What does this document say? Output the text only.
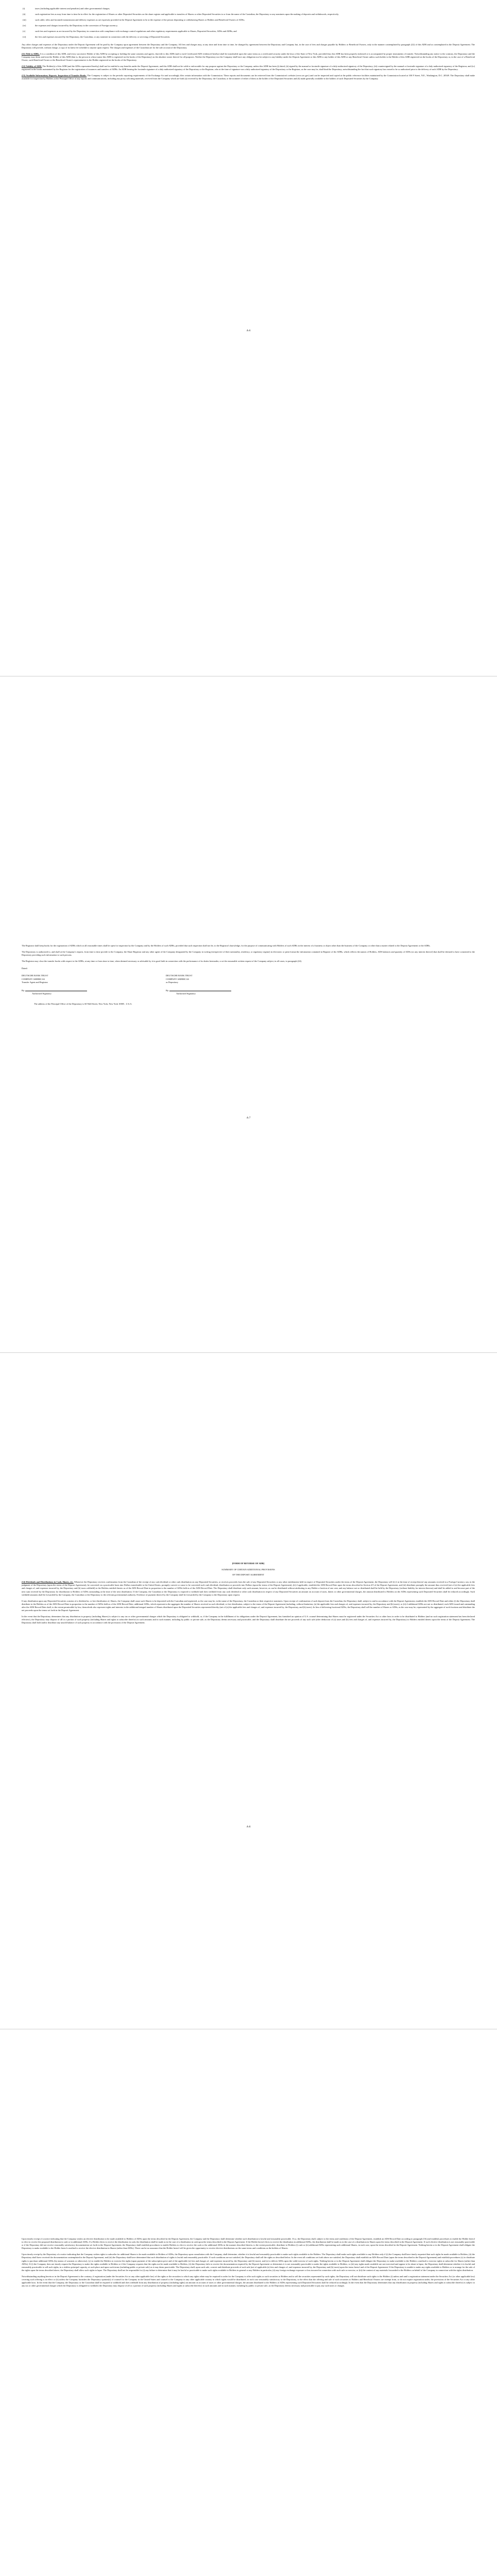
(i)	taxes (including applicable interest and penalties) and other governmental charges;
(ii)	such registration fees as may from time to time be in effect for the registration of Shares or other Deposited Securities on the share register and applicable to transfers of Shares or other Deposited Securities to or from the name of the Custodian, the Depositary or any nominees upon the making of deposits and withdrawals, respectively;
(iii)	such cable, telex and facsimile transmission and delivery expenses as are expressly provided in the Deposit Agreement to be at the expense of the person depositing or withdrawing Shares or Holders and Beneficial Owners of ADSs;
(iv)	the expenses and charges incurred by the Depositary in the conversion of Foreign currency;
(v)	such fees and expenses as are incurred by the Depositary in connection with compliance with exchange control regulations and other regulatory requirements applicable to Shares, Deposited Securities, ADSs and ADRs; and
(vi)	the fees and expenses incurred by the Depositary, the Custodian, or any nominee in connection with the delivery or servicing of Deposited Securities.

Any other charges and expenses of the Depositary under the Deposit Agreement will be paid by the Company upon agreement between the Depositary and the Company. All fees and charges may, at any time and from time to time, be changed by agreement between the Depositary and Company but, in the case of fees and charges payable by Holders or Beneficial Owners, only in the manner contemplated by paragraph (22) of this ADR and as contemplated in the Deposit Agreement. The Depositary will provide, without charge, a copy of its latest fee schedule to anyone upon request. The charges and expenses of the Custodian are for the sole account of the Depositary.

(11) Title to ADRs. It is a condition of this ADR, and every successive Holder of this ADR by accepting or holding the same consents and agrees, that title to this ADR (and to each Certificated ADS evidenced hereby) shall be transferable upon the same terms as a certificated security under the laws of the State of New York, provided that, this ADR has been properly endorsed or is accompanied by proper instruments of transfer. Notwithstanding any notice to the contrary, the Depositary and the Company may deem and treat the Holder of this ADR (that is, the person in whose name this ADR is registered on the books of the Depositary) as the absolute owner thereof for all purposes. Neither the Depositary nor the Company shall have any obligation nor be subject to any liability under the Deposit Agreement or this ADR to any holder of this ADR or any Beneficial Owner unless such holder is the Holder of this ADR registered on the books of the Depositary or, in the case of a Beneficial Owner, such Beneficial Owner or the Beneficial Owner's representative is the Holder registered on the books of the Depositary.

(12) Validity of ADR. The Holder(s) of this ADR (and the ADSs represented hereby) shall not be entitled to any benefits under the Deposit Agreement, and this ADR shall not be valid or enforceable for any purpose against the Depositary or the Company, unless this ADR has been (i) dated, (ii) signed by the manual or facsimile signature of a duly-authorized signatory of the Depositary, (iii) countersigned by the manual or facsimile signature of a duly-authorized signatory of the Registrar, and (iv) registered in the books maintained by the Registrar for the registration of issuances and transfers of ADRs. An ADR bearing the facsimile signature of a duly-authorized signatory of the Depositary or the Registrar, who at the time of signature was a duly authorized signatory of the Depositary or the Registrar, as the case may be, shall bind the Depositary, notwithstanding the fact that such signatory has ceased to be so authorized prior to the delivery of such ADR by the Depositary.

(13) Available Information; Reports; Inspection of Transfer Books. The Company is subject to the periodic reporting requirements of the Exchange Act and accordingly files certain information with the Commission. These reports and documents can be retrieved from the Commission's website (www.sec.gov) and can be inspected and copied at the public reference facilities maintained by the Commission located at 100 F Street, N.E., Washington, D.C. 20549. The Depositary shall make available for inspection by Holders at the Principal Office of any reports and communications, including any proxy soliciting materials, received from the Company which are both (a) received by the Depositary, the Custodian, or the nominee of either of them as the holder of the Deposited Securities and (b) made generally available to the holders of such Deposited Securities by the Company.

A-6

The Registrar shall keep books for the registration of ADRs which at all reasonable times shall be open for inspection by the Company and by the Holders of such ADRs, provided that such inspection shall not be, to the Registrar's knowledge, for the purpose of communicating with Holders of such ADRs in the interest of a business or object other than the business of the Company or other than a matter related to the Deposit Agreement or the ADRs.

The Depositary is authorized to, and shall at the Company's request, from time to time provide to the Company, the Share Registrar and any other agent of the Company designated by the Company in writing (irrespective of their nationality, residency, or regulatory regime) in electronic or print format the information contained in Register of the ADRs, which reflects the names of Holders, ADS balances and quantity of ADSs (or any interest thereof) that shall be deemed to have consented to the Depositary providing such information to such persons.

The Registrar may close the transfer books with respect to the ADRs, at any time or from time to time, when deemed necessary or advisable by it in good faith in connection with the performance of its duties hereunder, or at the reasonable written request of the Company subject, in all cases, to paragraph (24).

Dated:
DEUTSCHE BANK TRUST
COMPANY AMERICAS
Transfer Agent and Registrar
DEUTSCHE BANK TRUST
COMPANY AMERICAS
as Depositary
By:
Authorized Signatory
By:
Authorized Signatory

The address of the Principal Office of the Depositary is 60 Wall Street, New York, New York 10005 , U.S.A.

A-7
[FORM OF REVERSE OF ADR]
SUMMARY OF CERTAIN ADDITIONAL PROVISIONS
OF THE DEPOSIT AGREEMENT

(14) Dividends and Distributions in Cash, Shares, etc. Whenever the Depositary receives confirmation from the Custodian of the receipt of any cash dividend or other cash distribution on any Deposited Securities, or receives proceeds from the sale of any Deposited Securities or any other entitlements held in respect of Deposited Securities under the terms of the Deposit Agreement, the Depositary will (i) if at the time of receipt thereof any amounts received in a Foreign Currency can, in the judgment of the Depositary (upon the terms of the Deposit Agreement), be converted on a practicable basis into Dollars transferable to the United States, promptly convert or cause to be converted such cash dividend, distribution or proceeds into Dollars (upon the terms of the Deposit Agreement), (ii) if applicable, establish the ADS Record Date upon the terms described in Section 4.9 of the Deposit Agreement, and (iii) distribute promptly the amount thus received (net of (a) the applicable fees and charges of, and expenses incurred by, the Depositary and (b) taxes withheld) to the Holders entitled thereto as of the ADS Record Date in proportion to the number of ADSs held as of the ADS Record Date. The Depositary shall distribute only such amount, however, as can be distributed without attributing to any Holder a fraction of one cent, and any balance not so distributed shall be held by the Depositary (without liability for interest thereon) and shall be added to and become part of the next sum received by the Depositary for distribution to Holders of ADSs outstanding at the time of the next distribution. If the Company, the Custodian or the Depositary is required to withhold and does withhold from any cash dividend or other cash distribution in respect of any Deposited Securities an amount on account of taxes, duties or other governmental charges, the amount distributed to Holders on the ADSs representing such Deposited Securities shall be reduced accordingly. Such withheld amounts shall be forwarded by the Company, the Custodian or the Depositary to the relevant governmental authority. Evidence of payment thereof by the Company shall be forwarded by the Company to the Depositary upon request.

If any distribution upon any Deposited Securities consists of a dividend in, or free distribution of, Shares, the Company shall cause such Shares to be deposited with the Custodian and registered, as the case may be, in the name of the Depositary, the Custodian or their respective nominees. Upon receipt of confirmation of such deposit from the Custodian, the Depositary shall, subject to and in accordance with the Deposit Agreement, establish the ADS Record Date and either (i) the Depositary shall distribute to the Holders as of the ADS Record Date in proportion to the number of ADSs held as of the ADS Record Date, additional ADSs, which represent in the aggregate the number of Shares received as such dividend, or free distribution, subject to the terms of the Deposit Agreement (including, without limitation, (a) the applicable fees and charges of, and expenses incurred by, the Depositary and (b) taxes), or (ii) if additional ADSs are not so distributed, each ADS issued and outstanding after the ADS Record Date shall, to the extent permissible by law, thenceforth also represent rights and interests in the additional integral number of Shares distributed upon the Deposited Securities represented thereby (net of (a) the applicable fees and charges of, and expenses incurred by, the Depositary, and (b) taxes). In lieu of delivering fractional ADSs, the Depositary shall sell the number of Shares or ADSs, as the case may be, represented by the aggregate of such fractions and distribute the net proceeds upon the terms set forth in the Deposit Agreement.

In the event that the Depositary determines that any distribution in property (including Shares) is subject to any tax or other governmental charges which the Depositary is obligated to withhold, or, if the Company in the fulfillment of its obligations under the Deposit Agreement, has furnished an opinion of U.S. counsel determining that Shares must be registered under the Securities Act or other laws in order to be distributed to Holders (and no such registration statement has been declared effective), the Depositary may dispose of all or a portion of such property (including Shares and rights to subscribe therefor) in such amounts and in such manner, including by public or private sale, as the Depositary deems necessary and practicable, and the Depositary shall distribute the net proceeds of any such sale (after deduction of (a) taxes and (b) fees and charges of, and expenses incurred by, the Depositary) to Holders entitled thereto upon the terms of the Deposit Agreement. The Depositary shall hold and/or distribute any unsold balance of such property in accordance with the provisions of the Deposit Agreement.

A-8

Upon timely receipt of a notice indicating that the Company wishes an elective distribution to be made available to Holders of ADSs upon the terms described in the Deposit Agreement, the Company and the Depositary shall determine whether such distribution is lawful and reasonably practicable. If so, the Depositary shall, subject to the terms and conditions of the Deposit Agreement, establish an ADS Record Date according to paragraph (16) and establish procedures to enable the Holder hereof to elect to receive the proposed distribution in cash or in additional ADSs. If a Holder elects to receive the distribution in cash, the distribution shall be made as in the case of a distribution in cash upon the terms described in the Deposit Agreement. If the Holder hereof elects to receive the distribution in additional ADSs, the distribution shall be made as in the case of a distribution in Shares upon the terms described in the Deposit Agreement. If such elective distribution is not reasonably practicable or if the Depositary did not receive reasonably satisfactory documentation set forth in the Deposit Agreement, the Depositary shall establish procedures to enable Holders to elect to receive the cash or the additional ADSs in the manner described therein, to the extent practicable, distribute to Holders (i) cash or (ii) additional ADSs representing such additional Shares, in each case, upon the terms described in the Deposit Agreement. Nothing herein or in the Deposit Agreement shall obligate the Depositary to make available to the Holder hereof a method to receive the elective distribution in Shares (rather than ADSs). There can be no assurance that the Holder hereof will be given the opportunity to receive elective distributions on the same terms and conditions as the holders of Shares.

Upon timely receipt by the Depositary of a notice indicating that the Company wishes rights to subscribe for additional Shares to be made available to Holders of ADSs, the Depositary upon consultation with the Company, shall determine, whether it is lawful and reasonably practicable to make such rights available to the Holders. The Depositary shall make such rights available to any Holders only if (i) the Company shall have timely requested that such rights be made available to Holders, (ii) the Depositary shall have received the documentation contemplated in the Deposit Agreement, and (iii) the Depositary shall have determined that such distribution of rights is lawful and reasonably practicable. If such conditions are not satisfied, the Depositary shall sell the rights as described below. In the event all conditions set forth above are satisfied, the Depositary shall establish an ADS Record Date (upon the terms described in the Deposit Agreement) and establish procedures (x) to distribute rights to purchase additional ADSs (by means of warrants or otherwise), (y) to enable the Holders to exercise the rights (upon payment of the subscription price and of the applicable (a) fees and charges of, and expenses incurred by, the Depositary and (b) taxes), and (z) to deliver ADSs upon the valid exercise of such rights. Nothing herein or in the Deposit Agreement shall obligate the Depositary to make available to the Holders a method to exercise rights to subscribe for Shares (rather than ADSs). If (i) the Company does not timely request the Depositary to make the rights available to Holders or if the Company requests that the rights not be made available to Holders, (ii) the Depositary fails to receive the documentation required by the Deposit Agreement or determines it is not reasonably practicable to make the rights available to Holders, or (iii) any rights made available are not exercised and appear to be about to lapse, the Depositary shall determine whether it is lawful and reasonably practicable to sell such rights, in a riskless principal capacity, at such place and upon such terms (including public or private sale) as it may deem practicable. The Depositary shall, upon such sale, convert and distribute proceeds of such sale (net of applicable (a) fees and charges of, and expenses incurred by, the Depositary and (b) taxes) upon the terms hereof and of the Deposit Agreement. If the Depositary is unable to make any rights available to Holders or to arrange for the sale of the rights upon the terms described above, the Depositary shall allow such rights to lapse. The Depositary shall not be responsible for (i) any failure to determine that it may be lawful or practicable to make such rights available to Holders in general or any Holders in particular, (ii) any foreign exchange exposure or loss incurred in connection with such sale or exercise, or (iii) the content of any materials forwarded to the Holders on behalf of the Company in connection with the rights distribution.

Notwithstanding anything herein or in the Deposit Agreement to the contrary, if registration (under the Securities Act or any other applicable law) of the rights or the securities to which any rights relate may be required in order for the Company to offer such rights or such securities to Holders and to sell the securities represented by such rights, the Depositary will not distribute such rights to the Holders (i) unless and until a registration statement under the Securities Act (or other applicable law) covering such offering is in effect or (ii) unless the Company furnishes the Depositary opinion(s) of counsel for the Company in the United States and counsel to the Company in any other applicable country in which rights would be distributed, in each case reasonably satisfactory to the Depositary, to the effect that the offering and sale of such securities to Holders and Beneficial Owners are exempt from, or do not require registration under, the provisions of the Securities Act or any other applicable laws. In the event that the Company, the Depositary or the Custodian shall be required to withhold and does withhold from any distribution of property (including rights) an amount on account of taxes or other governmental charges, the amount distributed to the Holders of ADSs representing such Deposited Securities shall be reduced accordingly. In the event that the Depositary determines that any distribution in property (including Shares and rights to subscribe therefor) is subject to any tax or other governmental charges which the Depositary is obligated to withhold, the Depositary may dispose of all or a portion of such property (including Shares and rights to subscribe therefor) in such amounts and in such manner, including by public or private sale, as the Depositary deems necessary and practicable to pay any such taxes or charges.
